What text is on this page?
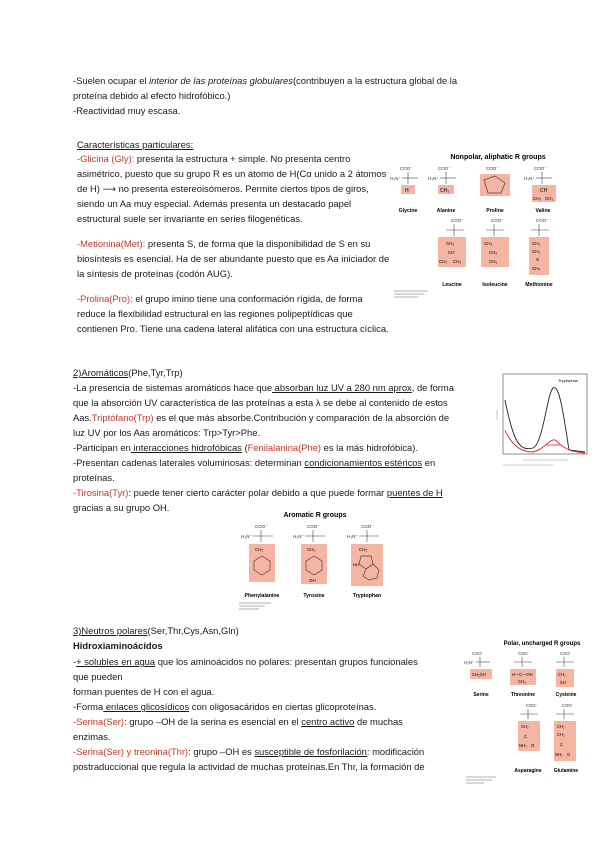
-Suelen ocupar el interior de las proteínas globulares(contribuyen a la estructura global de la
proteína debido al efecto hidrofóbico.)
-Reactividad muy escasa.
Características particulares:
-Glicina (Gly): presenta la estructura + simple. No presenta centro
asimétrico, puesto que su grupo R es un átomo de H(Cα unido a 2 átomos
de H) ⟶ no presenta estereoisómeros. Permite ciertos tipos de giros,
siendo un Aa muy especial. Además presenta un destacado papel
estructural suele ser invariante en series filogenéticas.
-Metionina(Met): presenta S, de forma que la disponibilidad de S en su
biosíntesis es esencial. Ha de ser abundante puesto que es Aa iniciador de
la síntesis de proteínas (codón AUG).
-Prolina(Pro): el grupo imino tiene una conformación rígida, de forma
reduce la flexibilidad estructural en las regiones polipeptídicas que
contienen Pro. Tiene una cadena lateral alifática con una estructura cíclica.
Nonpolar, aliphatic R groups
COO⁻
H₃N⁺
COO⁻
H₃N⁺
COO⁻	COO⁻
H₃N⁺
H	CH₃	CH
CH₃ CH₃
Glycine	Alanine	Proline	Valine
COO⁻	COO⁻	COO⁻
CH₂
CH
CH₃ CH₃
CH₃
CH₂
CH₃
CH₂
CH₂
S
CH₃
Leucine	Isoleucine	Methionine
2)Aromáticos(Phe,Tyr,Trp)
-La presencia de sistemas aromáticos hace que absorban luz UV a 280 nm aprox, de forma
que la absorción UV característica de las proteínas a esta λ se debe al contenido de estos
Aas.Triptófano(Trp) es el que más absorbe.Contribución y comparación de la absorción de
luz UV por los Aas aromáticos: Trp>Tyr>Phe.
-Participan en interacciones hidrofóbicas (Fenilalanina(Phe) es la más hidrofóbica).
-Presentan cadenas laterales voluminosas: determinan condicionamientos estéricos en
proteínas.
-Tirosina(Tyr): puede tener cierto carácter polar debido a que puede formar puentes de H
gracias a su grupo OH.
Tryptophan
Tyrosine
Aromatic R groups
COO⁻
H₃N⁺
COO⁻
H₃N⁺
COO⁻
H₃N⁺
CH₂	CH₂
OH
CH₂
NH
Phenylalanine	Tyrosine	Tryptophan
3)Neutros polares(Ser,Thr,Cys,Asn,Gln)
Hidroxiaminoácidos
-+ solubles en agua que los aminoácidos no polares: presentan grupos funcionales
que pueden
forman puentes de H con el agua.
-Forma enlaces glicosídicos con oligosacáridos en ciertas glicoproteínas.
-Serina(Ser): grupo –OH de la serina es esencial en el centro activo de muchas
enzimas.
-Serina(Ser) y treonina(Thr): grupo –OH es susceptible de fosforilación: modificación
postraduccional que regula la actividad de muchas proteínas.En Thr, la formación de
Polar, uncharged R groups
COO⁻
H₃N⁺
COO⁻	COO⁻
CH₂OH	H—C—OH
CH₃
CH₂
SH
Serine	Threonine	Cysteine
COO⁻	COO⁻
CH₂
C
NH₂ O
CH₂
CH₂
C
NH₂ O
Asparagine Glutamine
